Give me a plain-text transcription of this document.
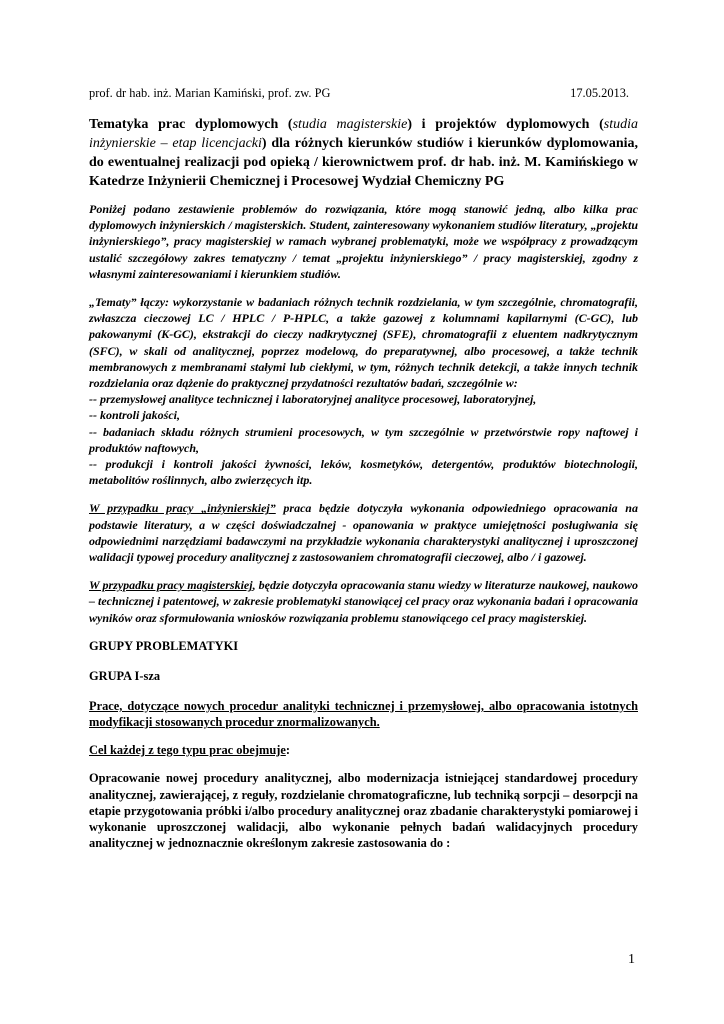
prof. dr hab. inż. Marian Kamiński, prof. zw. PG	17.05.2013.

Tematyka prac dyplomowych (studia magisterskie) i projektów dyplomowych (studia inżynierskie – etap licencjacki) dla różnych kierunków studiów i kierunków dyplomowania, do ewentualnej realizacji pod opieką / kierownictwem prof. dr hab. inż. M. Kamińskiego w Katedrze Inżynierii Chemicznej i Procesowej Wydział Chemiczny PG

Poniżej podano zestawienie problemów do rozwiązania, które mogą stanowić jedną, albo kilka prac dyplomowych inżynierskich / magisterskich. Student, zainteresowany wykonaniem studiów literatury, „projektu inżynierskiego”, pracy magisterskiej w ramach wybranej problematyki, może we współpracy z prowadzącym ustalić szczegółowy zakres tematyczny / temat „projektu inżynierskiego” / pracy magisterskiej, zgodny z własnymi zainteresowaniami i kierunkiem studiów.

„Tematy” łączy: wykorzystanie w badaniach różnych technik rozdzielania, w tym szczególnie, chromatografii, zwłaszcza cieczowej LC / HPLC / P-HPLC, a także gazowej z kolumnami kapilarnymi (C-GC), lub pakowanymi (K-GC), ekstrakcji do cieczy nadkrytycznej (SFE), chromatografii z eluentem nadkrytycznym (SFC), w skali od analitycznej, poprzez modelową, do preparatywnej, albo procesowej, a także technik membranowych z membranami stałymi lub ciekłymi, w tym, różnych technik detekcji, a także innych technik rozdzielania oraz dążenie do praktycznej przydatności rezultatów badań, szczególnie w:
-- przemysłowej analityce technicznej i laboratoryjnej analityce procesowej, laboratoryjnej,
-- kontroli jakości,
-- badaniach składu różnych strumieni procesowych, w tym szczególnie w przetwórstwie ropy naftowej i produktów naftowych,
-- produkcji i kontroli jakości żywności, leków, kosmetyków, detergentów, produktów biotechnologii, metabolitów roślinnych, albo zwierzęcych itp.

W przypadku pracy „inżynierskiej” praca będzie dotyczyła wykonania odpowiedniego opracowania na podstawie literatury, a w części doświadczalnej - opanowania w praktyce umiejętności posługiwania się odpowiednimi narzędziami badawczymi na przykładzie wykonania charakterystyki analitycznej i uproszczonej walidacji typowej procedury analitycznej z zastosowaniem chromatografii cieczowej, albo / i gazowej.

W przypadku pracy magisterskiej, będzie dotyczyła opracowania stanu wiedzy w literaturze naukowej, naukowo – technicznej i patentowej, w zakresie problematyki stanowiącej cel pracy oraz wykonania badań i opracowania wyników oraz sformułowania wniosków rozwiązania problemu stanowiącego cel pracy magisterskiej.

GRUPY PROBLEMATYKI

GRUPA I-sza

Prace, dotyczące nowych procedur analityki technicznej i przemysłowej, albo opracowania istotnych modyfikacji stosowanych procedur znormalizowanych.

Cel każdej z tego typu prac obejmuje:

Opracowanie nowej procedury analitycznej, albo modernizacja istniejącej standardowej procedury analitycznej, zawierającej, z reguły, rozdzielanie chromatograficzne, lub techniką sorpcji – desorpcji na etapie przygotowania próbki i/albo procedury analitycznej oraz zbadanie charakterystyki pomiarowej i wykonanie uproszczonej walidacji, albo wykonanie pełnych badań walidacyjnych procedury analitycznej w jednoznacznie określonym zakresie zastosowania do :

1
